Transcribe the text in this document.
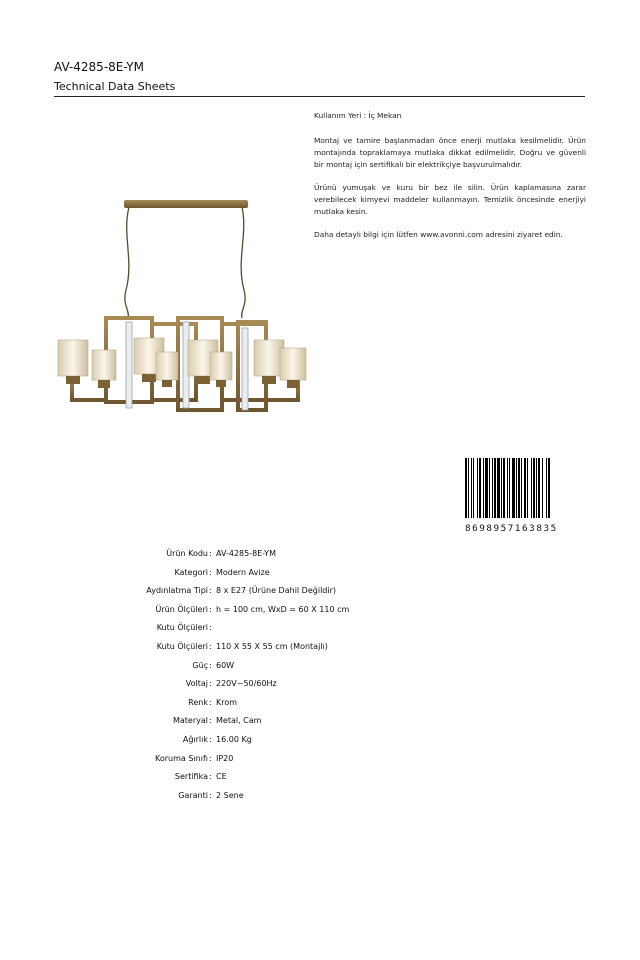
AV-4285-8E-YM
Technical Data Sheets

Kullanım Yeri : İç Mekan

Montaj ve tamire başlanmadan önce enerji mutlaka kesilmelidir. Ürün montajında topraklamaya mutlaka dikkat edilmelidir. Doğru ve güvenli bir montaj için sertifikalı bir elektrikçiye başvurulmalıdır.

Ürünü yumuşak ve kuru bir bez ile silin. Ürün kaplamasına zarar verebilecek kimyevi maddeler kullanmayın. Temizlik öncesinde enerjiyi mutlaka kesin.

Daha detaylı bilgi için lütfen www.avonni.com adresini ziyaret edin.

8698957163835
Ürün Kodu : AV-4285-8E-YM
Kategori : Modern Avize
Aydınlatma Tipi : 8 x E27 (Ürüne Dahil Değildir)
Ürün Ölçüleri : h = 100 cm, WxD = 60 X 110 cm
Kutu Ölçüleri :
Kutu Ölçüleri : 110 X 55 X 55 cm (Montajlı)
Güç : 60W
Voltaj : 220V~50/60Hz
Renk : Krom
Materyal : Metal, Cam
Ağırlık : 16.00 Kg
Koruma Sınıfı : IP20
Sertifika : CE
Garanti : 2 Sene
